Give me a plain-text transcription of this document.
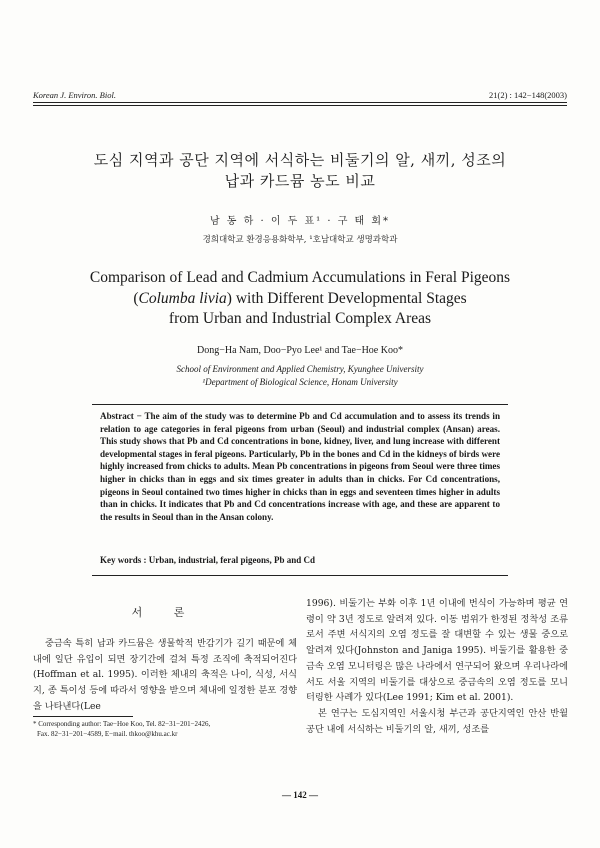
Korean J. Environ. Biol.	21(2) : 142−148(2003)
도심 지역과 공단 지역에 서식하는 비둘기의 알, 새끼, 성조의
납과 카드뮴 농도 비교
남 동 하 · 이 두 표¹ · 구 태 회*
경희대학교 환경응용화학부, ¹호남대학교 생명과학과
Comparison of Lead and Cadmium Accumulations in Feral Pigeons
(Columba livia) with Different Developmental Stages
from Urban and Industrial Complex Areas
Dong−Ha Nam, Doo−Pyo Lee¹ and Tae−Hoe Koo*
School of Environment and Applied Chemistry, Kyunghee University
¹Department of Biological Science, Honam University
Abstract − The aim of the study was to determine Pb and Cd accumulation and to assess its trends in relation to age categories in feral pigeons from urban (Seoul) and industrial complex (Ansan) areas. This study shows that Pb and Cd concentrations in bone, kidney, liver, and lung increase with different developmental stages in feral pigeons. Particularly, Pb in the bones and Cd in the kidneys of birds were highly increased from chicks to adults. Mean Pb concentrations in pigeons from Seoul were three times higher in chicks than in eggs and six times greater in adults than in chicks. For Cd concentrations, pigeons in Seoul contained two times higher in chicks than in eggs and seventeen times higher in adults than in chicks. It indicates that Pb and Cd concentrations increase with age, and these are apparent to the results in Seoul than in the Ansan colony.
Key words : Urban, industrial, feral pigeons, Pb and Cd
서 론
중금속 특히 납과 카드뮴은 생물학적 반감기가 길기 때문에 체내에 일단 유입이 되면 장기간에 걸쳐 특정 조직에 축적되어진다(Hoffman et al. 1995). 이러한 체내의 축적은 나이, 식성, 서식지, 종 특이성 등에 따라서 영향을 받으며 체내에 일정한 분포 경향을 나타낸다(Lee
1996). 비둘기는 부화 이후 1년 이내에 번식이 가능하며 평균 연령이 약 3년 정도로 알려져 있다. 이동 범위가 한정된 정착성 조류로서 주변 서식지의 오염 정도를 잘 대변할 수 있는 생물 중으로 알려져 있다(Johnston and Janiga 1995). 비둘기를 활용한 중금속 오염 모니터링은 많은 나라에서 연구되어 왔으며 우리나라에서도 서울 지역의 비둘기를 대상으로 중금속의 오염 정도를 모니터링한 사례가 있다(Lee 1991; Kim et al. 2001).
본 연구는 도심지역인 서울시청 부근과 공단지역인 안산 반월공단 내에 서식하는 비둘기의 알, 새끼, 성조를
* Corresponding author: Tae−Hoe Koo, Tel. 82−31−201−2426,
Fax. 82−31−201−4589, E−mail. thkoo@khu.ac.kr
— 142 —
